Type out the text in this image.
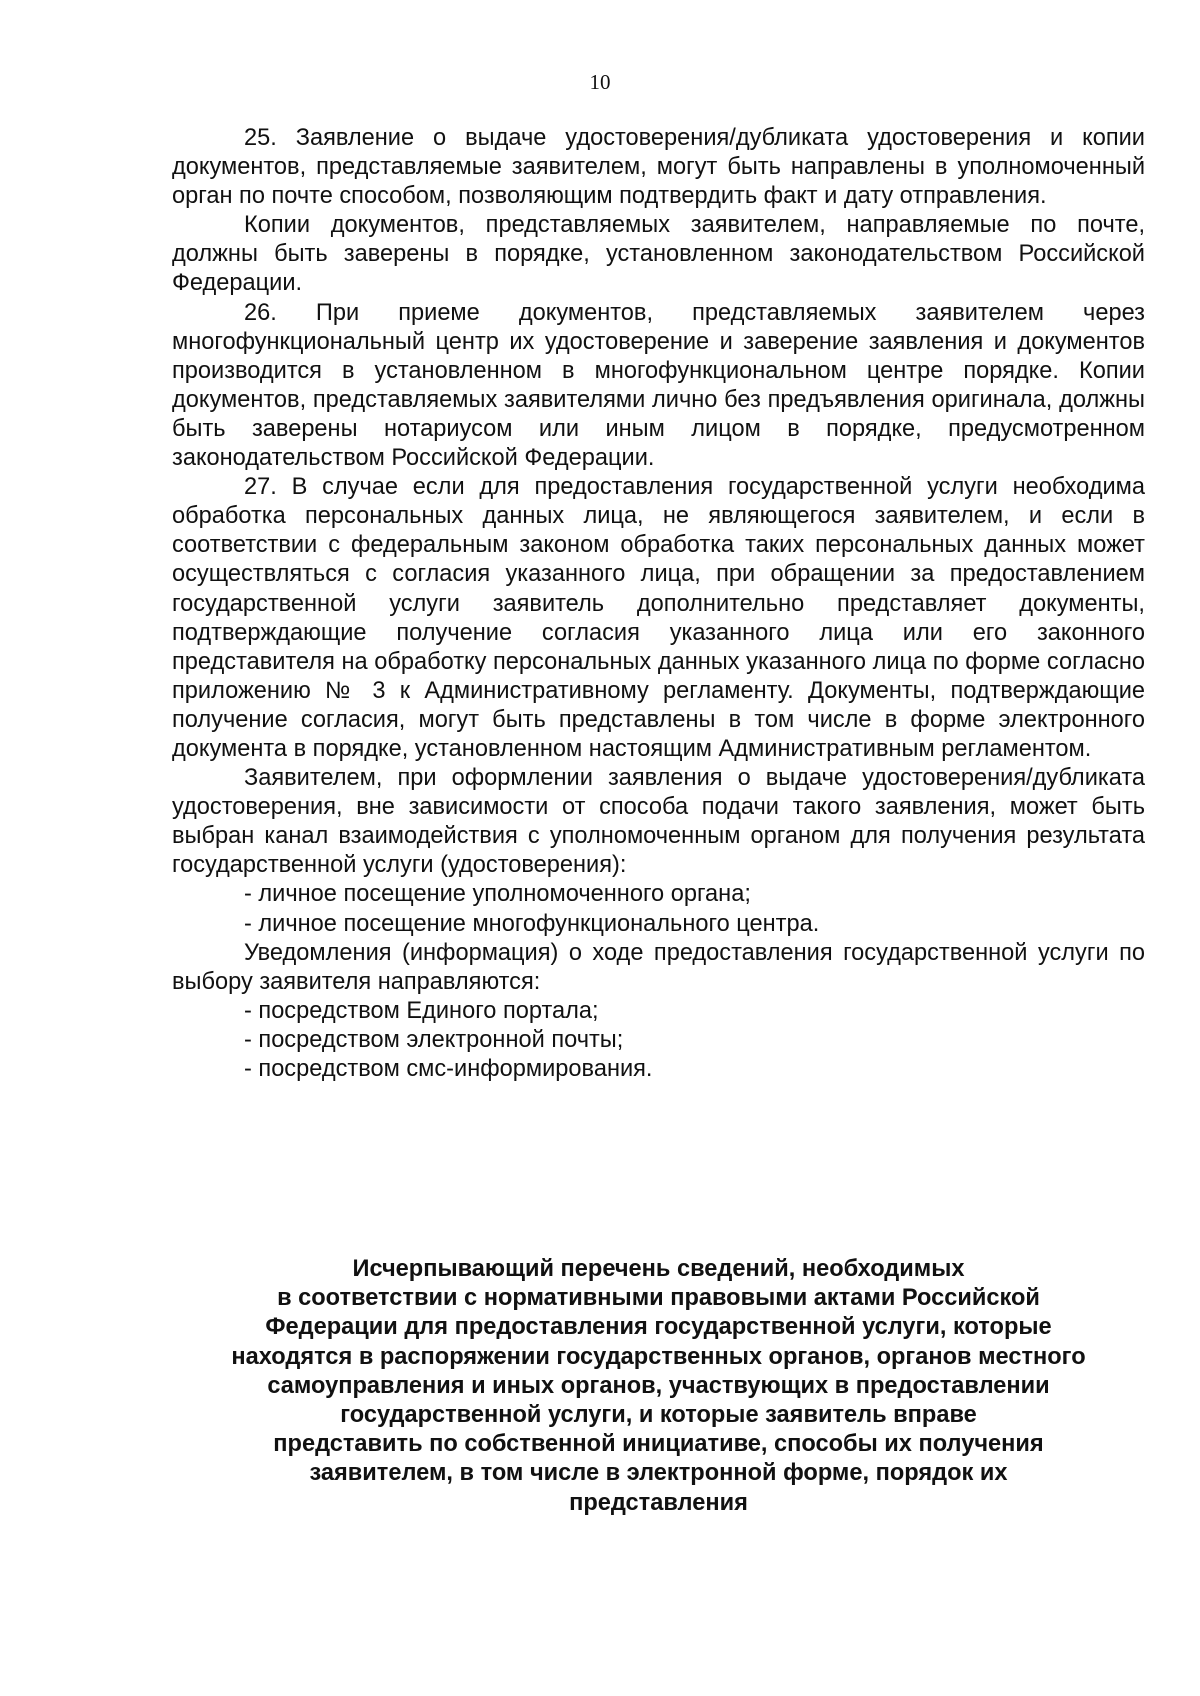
10

25. Заявление о выдаче удостоверения/дубликата удостоверения и копии документов, представляемые заявителем, могут быть направлены в уполномоченный орган по почте способом, позволяющим подтвердить факт и дату отправления.

Копии документов, представляемых заявителем, направляемые по почте, должны быть заверены в порядке, установленном законодательством Российской Федерации.

26. При приеме документов, представляемых заявителем через многофункциональный центр их удостоверение и заверение заявления и документов производится в установленном в многофункциональном центре порядке. Копии документов, представляемых заявителями лично без предъявления оригинала, должны быть заверены нотариусом или иным лицом в порядке, предусмотренном законодательством Российской Федерации.

27. В случае если для предоставления государственной услуги необходима обработка персональных данных лица, не являющегося заявителем, и если в соответствии с федеральным законом обработка таких персональных данных может осуществляться с согласия указанного лица, при обращении за предоставлением государственной услуги заявитель дополнительно представляет документы, подтверждающие получение согласия указанного лица или его законного представителя на обработку персональных данных указанного лица по форме согласно приложению № 3 к Административному регламенту. Документы, подтверждающие получение согласия, могут быть представлены в том числе в форме электронного документа в порядке, установленном настоящим Административным регламентом.

Заявителем, при оформлении заявления о выдаче удостоверения/дубликата удостоверения, вне зависимости от способа подачи такого заявления, может быть выбран канал взаимодействия с уполномоченным органом для получения результата государственной услуги (удостоверения):

- личное посещение уполномоченного органа;

- личное посещение многофункционального центра.

Уведомления (информация) о ходе предоставления государственной услуги по выбору заявителя направляются:

- посредством Единого портала;

- посредством электронной почты;

- посредством смс-информирования.

Исчерпывающий перечень сведений, необходимых
в соответствии с нормативными правовыми актами Российской
Федерации для предоставления государственной услуги, которые
находятся в распоряжении государственных органов, органов местного
самоуправления и иных органов, участвующих в предоставлении
государственной услуги, и которые заявитель вправе
представить по собственной инициативе, способы их получения
заявителем, в том числе в электронной форме, порядок их
представления
